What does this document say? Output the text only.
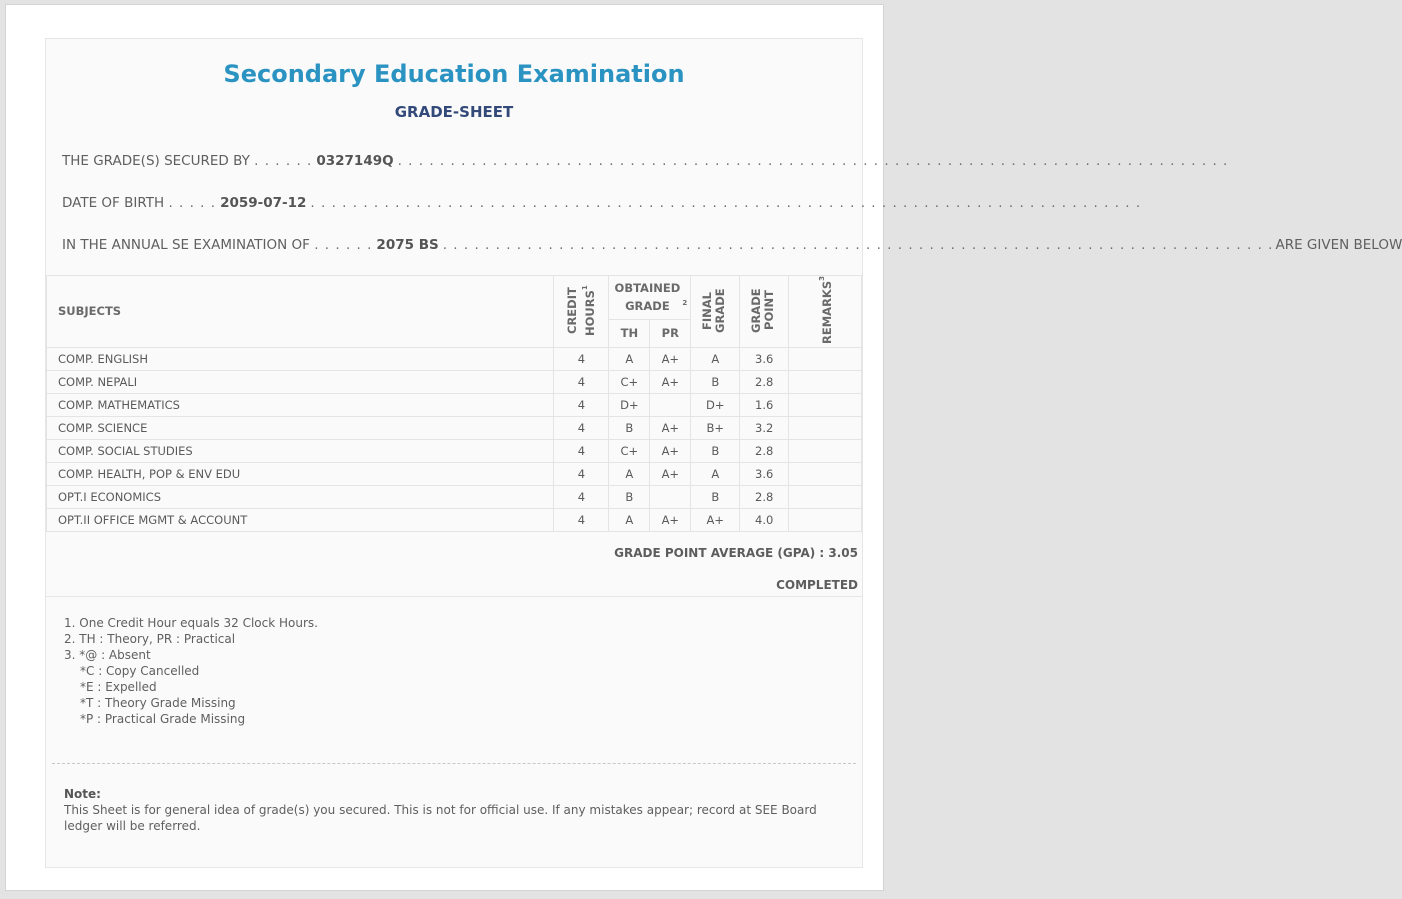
Secondary Education Examination
GRADE-SHEET
THE GRADE(S) SECURED BY
. . . . . . 0327149Q . . . . . . . . . . . . . . . . . . . . . . . . . . . . . . . . . . . . . . . . . . . . . . . . . . . . . . . . . . . . . . . . . . . . . . . . . . . . . . .
DATE OF BIRTH
. . . . . 2059-07-12 . . . . . . . . . . . . . . . . . . . . . . . . . . . . . . . . . . . . . . . . . . . . . . . . . . . . . . . . . . . . . . . . . . . . . . . . . . . . . . .
IN THE ANNUAL SE EXAMINATION OF
. . . . . . 2075 BS . . . . . . . . . . . . . . . . . . . . . . . . . . . . . . . . . . . . . . . . . . . . . . . . . . . . . . . . . . . . . . . . . . . . . . . . . . . . . . . ARE GIVEN BELOW
SUBJECTS	CREDIT HOURS$^1$	OBTAINED GRADE $^2$		FINAL GRADE	GRADE POINT	REMARKS$^3$
		TH	PR			
COMP. ENGLISH	4	A	A+	A	3.6	
COMP. NEPALI	4	C+	A+	B	2.8	
COMP. MATHEMATICS	4	D+		D+	1.6	
COMP. SCIENCE	4	B	A+	B+	3.2	
COMP. SOCIAL STUDIES	4	C+	A+	B	2.8	
COMP. HEALTH, POP & ENV EDU	4	A	A+	A	3.6	
OPT.I ECONOMICS	4	B		B	2.8	
OPT.II OFFICE MGMT & ACCOUNT	4	A	A+	A+	4.0	
GRADE POINT AVERAGE (GPA) : 3.05
COMPLETED
1. One Credit Hour equals 32 Clock Hours.
2. TH : Theory, PR : Practical
3. *@ : Absent
*C : Copy Cancelled
*E : Expelled
*T : Theory Grade Missing
*P : Practical Grade Missing
Note:
This Sheet is for general idea of grade(s) you secured. This is not for official use. If any mistakes appear; record at SEE Board ledger will be referred.
